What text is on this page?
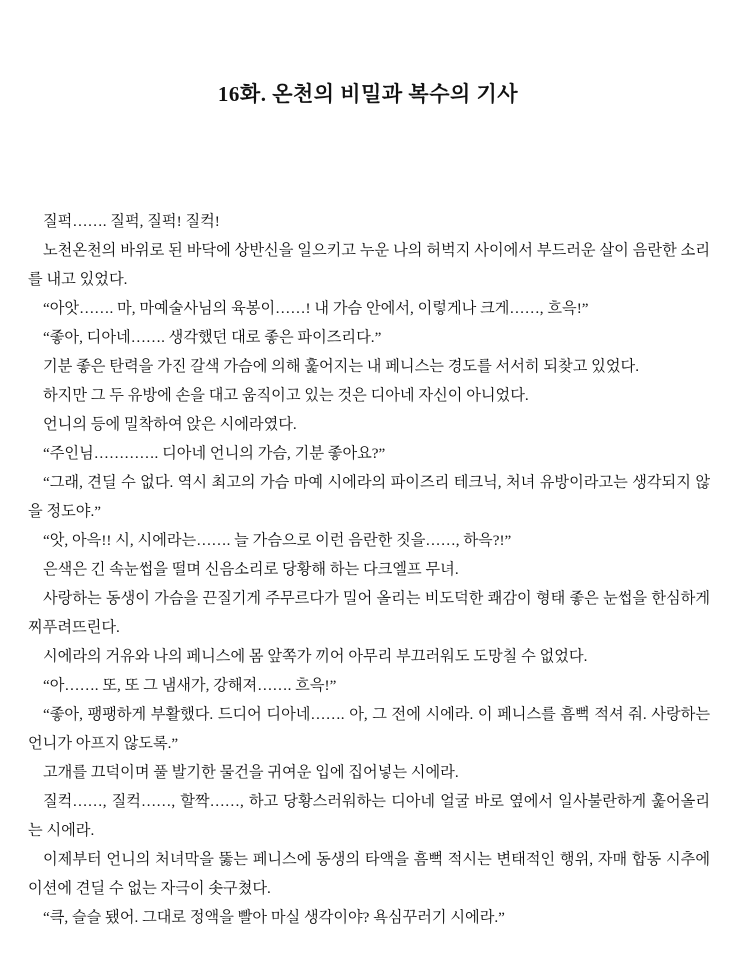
16화. 온천의 비밀과 복수의 기사

질퍽……. 질퍽, 질퍽! 질컥!

노천온천의 바위로 된 바닥에 상반신을 일으키고 누운 나의 허벅지 사이에서 부드러운 살이 음란한 소리를 내고 있었다.

“아앗……. 마, 마예술사님의 육봉이……! 내 가슴 안에서, 이렇게나 크게……, 흐윽!”

“좋아, 디아네……. 생각했던 대로 좋은 파이즈리다.”

기분 좋은 탄력을 가진 갈색 가슴에 의해 훑어지는 내 페니스는 경도를 서서히 되찾고 있었다.

하지만 그 두 유방에 손을 대고 움직이고 있는 것은 디아네 자신이 아니었다.

언니의 등에 밀착하여 앉은 시에라였다.

“주인님…………. 디아네 언니의 가슴, 기분 좋아요?”

“그래, 견딜 수 없다. 역시 최고의 가슴 마예 시에라의 파이즈리 테크닉, 처녀 유방이라고는 생각되지 않을 정도야.”

“앗, 아윽!! 시, 시에라는……. 늘 가슴으로 이런 음란한 짓을……, 하윽?!”

은색은 긴 속눈썹을 떨며 신음소리로 당황해 하는 다크엘프 무녀.

사랑하는 동생이 가슴을 끈질기게 주무르다가 밀어 올리는 비도덕한 쾌감이 형태 좋은 눈썹을 한심하게 찌푸려뜨린다.

시에라의 거유와 나의 페니스에 몸 앞쪽가 끼어 아무리 부끄러워도 도망칠 수 없었다.

“아……. 또, 또 그 냄새가, 강해져……. 흐윽!”

“좋아, 팽팽하게 부활했다. 드디어 디아네……. 아, 그 전에 시에라. 이 페니스를 흠뻑 적셔 줘. 사랑하는 언니가 아프지 않도록.”

고개를 끄덕이며 풀 발기한 물건을 귀여운 입에 집어넣는 시에라.

질컥……, 질컥……, 할짝……, 하고 당황스러워하는 디아네 얼굴 바로 옆에서 일사불란하게 훑어올리는 시에라.

이제부터 언니의 처녀막을 뚫는 페니스에 동생의 타액을 흠뻑 적시는 변태적인 행위, 자매 합동 시추에이션에 견딜 수 없는 자극이 솟구쳤다.

“큭, 슬슬 됐어. 그대로 정액을 빨아 마실 생각이야? 욕심꾸러기 시에라.”
